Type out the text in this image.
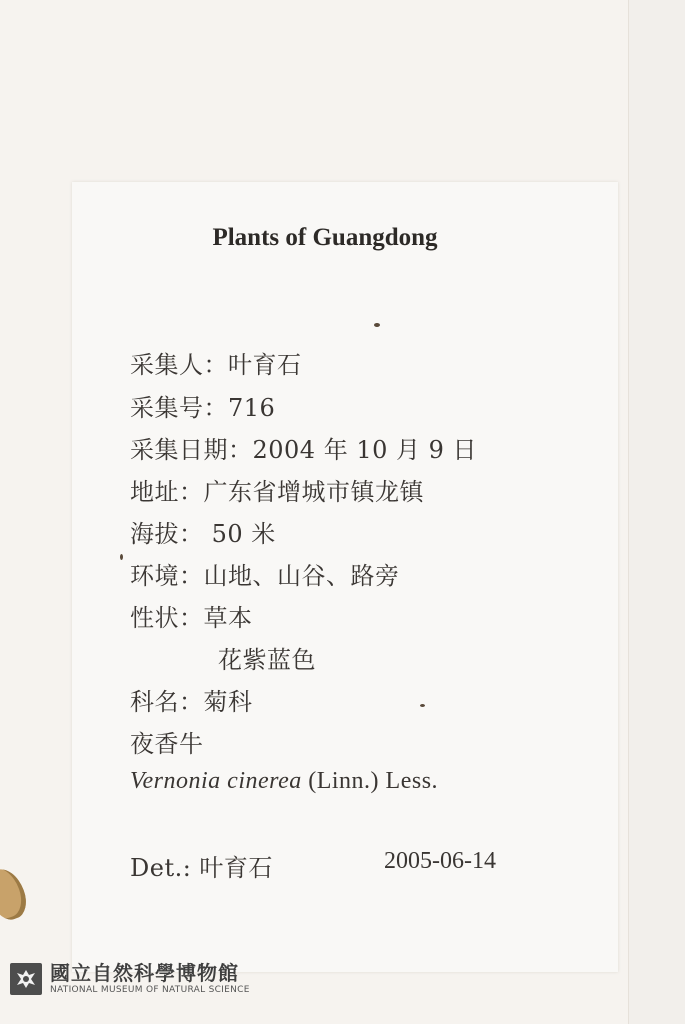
Plants of Guangdong
采集人：叶育石
采集号：716
采集日期：2004 年 10 月 9 日
地址：广东省增城市镇龙镇
海拔： 50 米
环境：山地、山谷、路旁
性状：草本
花紫蓝色
科名：菊科
夜香牛
Vernonia cinerea (Linn.) Less.
Det.: 叶育石	2005-06-14
國立自然科學博物館
NATIONAL MUSEUM OF NATURAL SCIENCE
